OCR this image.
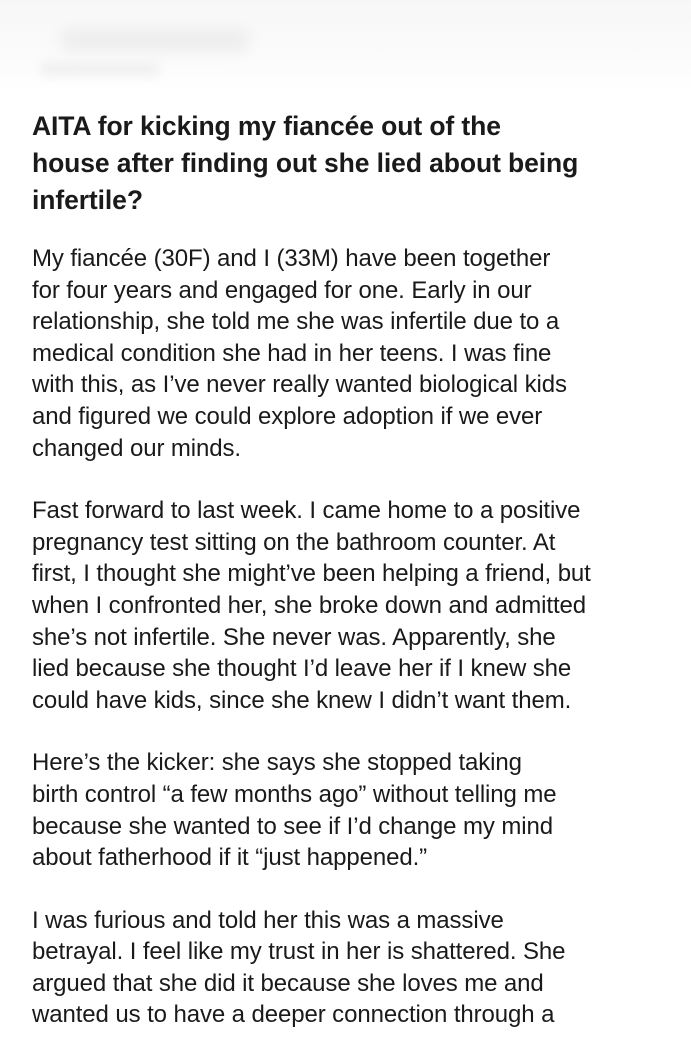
AITA for kicking my fiancée out of the
house after finding out she lied about being
infertile?

My fiancée (30F) and I (33M) have been together
for four years and engaged for one. Early in our
relationship, she told me she was infertile due to a
medical condition she had in her teens. I was fine
with this, as I’ve never really wanted biological kids
and figured we could explore adoption if we ever
changed our minds.

Fast forward to last week. I came home to a positive
pregnancy test sitting on the bathroom counter. At
first, I thought she might’ve been helping a friend, but
when I confronted her, she broke down and admitted
she’s not infertile. She never was. Apparently, she
lied because she thought I’d leave her if I knew she
could have kids, since she knew I didn’t want them.

Here’s the kicker: she says she stopped taking
birth control “a few months ago” without telling me
because she wanted to see if I’d change my mind
about fatherhood if it “just happened.”

I was furious and told her this was a massive
betrayal. I feel like my trust in her is shattered. She
argued that she did it because she loves me and
wanted us to have a deeper connection through a
